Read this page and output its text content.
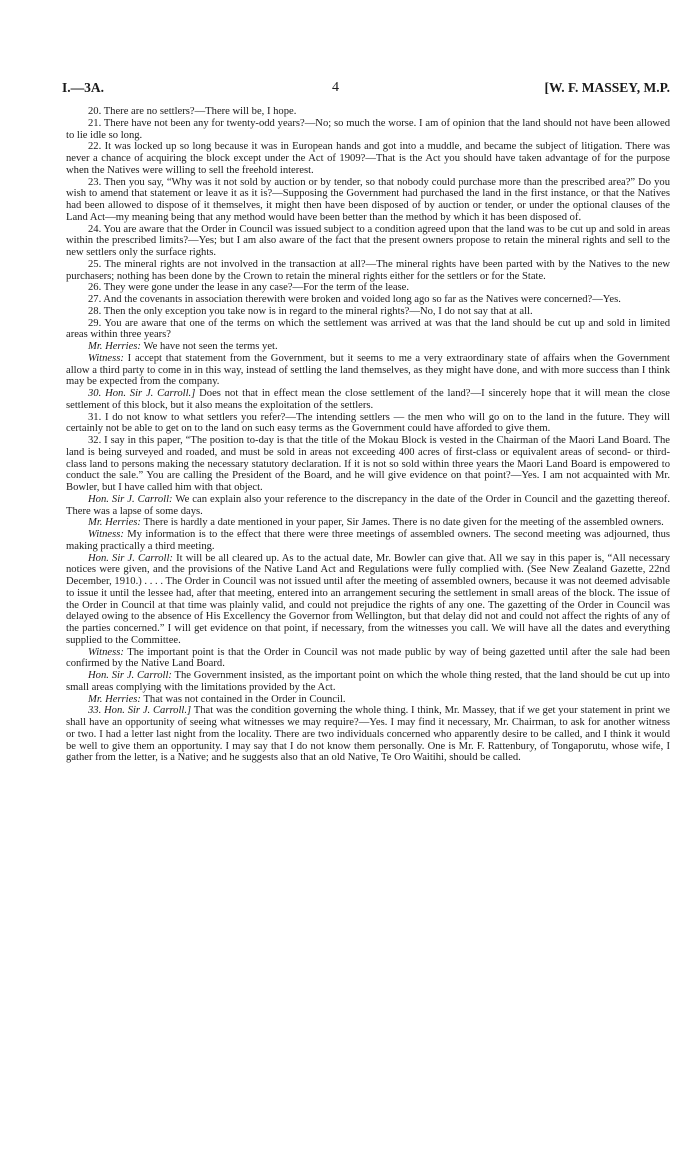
I.—3A.	4	[W. F. MASSEY, M.P.

20. There are no settlers?—There will be, I hope.

21. There have not been any for twenty-odd years?—No; so much the worse. I am of opinion that the land should not have been allowed to lie idle so long.

22. It was locked up so long because it was in European hands and got into a muddle, and became the subject of litigation. There was never a chance of acquiring the block except under the Act of 1909?—That is the Act you should have taken advantage of for the purpose when the Natives were willing to sell the freehold interest.

23. Then you say, “Why was it not sold by auction or by tender, so that nobody could purchase more than the prescribed area?” Do you wish to amend that statement or leave it as it is?—Supposing the Government had purchased the land in the first instance, or that the Natives had been allowed to dispose of it themselves, it might then have been disposed of by auction or tender, or under the optional clauses of the Land Act—my meaning being that any method would have been better than the method by which it has been disposed of.

24. You are aware that the Order in Council was issued subject to a condition agreed upon that the land was to be cut up and sold in areas within the prescribed limits?—Yes; but I am also aware of the fact that the present owners propose to retain the mineral rights and sell to the new settlers only the surface rights.

25. The mineral rights are not involved in the transaction at all?—The mineral rights have been parted with by the Natives to the new purchasers; nothing has been done by the Crown to retain the mineral rights either for the settlers or for the State.

26. They were gone under the lease in any case?—For the term of the lease.

27. And the covenants in association therewith were broken and voided long ago so far as the Natives were concerned?—Yes.

28. Then the only exception you take now is in regard to the mineral rights?—No, I do not say that at all.

29. You are aware that one of the terms on which the settlement was arrived at was that the land should be cut up and sold in limited areas within three years?

Mr. Herries: We have not seen the terms yet.

Witness: I accept that statement from the Government, but it seems to me a very extraordinary state of affairs when the Government allow a third party to come in in this way, instead of settling the land themselves, as they might have done, and with more success than I think may be expected from the company.

30. Hon. Sir J. Carroll.] Does not that in effect mean the close settlement of the land?—I sincerely hope that it will mean the close settlement of this block, but it also means the exploitation of the settlers.

31. I do not know to what settlers you refer?—The intending settlers — the men who will go on to the land in the future. They will certainly not be able to get on to the land on such easy terms as the Government could have afforded to give them.

32. I say in this paper, “The position to-day is that the title of the Mokau Block is vested in the Chairman of the Maori Land Board. The land is being surveyed and roaded, and must be sold in areas not exceeding 400 acres of first-class or equivalent areas of second- or third-class land to persons making the necessary statutory declaration. If it is not so sold within three years the Maori Land Board is empowered to conduct the sale.” You are calling the President of the Board, and he will give evidence on that point?—Yes. I am not acquainted with Mr. Bowler, but I have called him with that object.

Hon. Sir J. Carroll: We can explain also your reference to the discrepancy in the date of the Order in Council and the gazetting thereof. There was a lapse of some days.

Mr. Herries: There is hardly a date mentioned in your paper, Sir James. There is no date given for the meeting of the assembled owners.

Witness: My information is to the effect that there were three meetings of assembled owners. The second meeting was adjourned, thus making practically a third meeting.

Hon. Sir J. Carroll: It will be all cleared up. As to the actual date, Mr. Bowler can give that. All we say in this paper is, “All necessary notices were given, and the provisions of the Native Land Act and Regulations were fully complied with. (See New Zealand Gazette, 22nd December, 1910.) . . . . The Order in Council was not issued until after the meeting of assembled owners, because it was not deemed advisable to issue it until the lessee had, after that meeting, entered into an arrangement securing the settlement in small areas of the block. The issue of the Order in Council at that time was plainly valid, and could not prejudice the rights of any one. The gazetting of the Order in Council was delayed owing to the absence of His Excellency the Governor from Wellington, but that delay did not and could not affect the rights of any of the parties concerned.” I will get evidence on that point, if necessary, from the witnesses you call. We will have all the dates and everything supplied to the Committee.

Witness: The important point is that the Order in Council was not made public by way of being gazetted until after the sale had been confirmed by the Native Land Board.

Hon. Sir J. Carroll: The Government insisted, as the important point on which the whole thing rested, that the land should be cut up into small areas complying with the limitations provided by the Act.

Mr. Herries: That was not contained in the Order in Council.

33. Hon. Sir J. Carroll.] That was the condition governing the whole thing. I think, Mr. Massey, that if we get your statement in print we shall have an opportunity of seeing what witnesses we may require?—Yes. I may find it necessary, Mr. Chairman, to ask for another witness or two. I had a letter last night from the locality. There are two individuals concerned who apparently desire to be called, and I think it would be well to give them an opportunity. I may say that I do not know them personally. One is Mr. F. Rattenbury, of Tongaporutu, whose wife, I gather from the letter, is a Native; and he suggests also that an old Native, Te Oro Waitihi, should be called.
